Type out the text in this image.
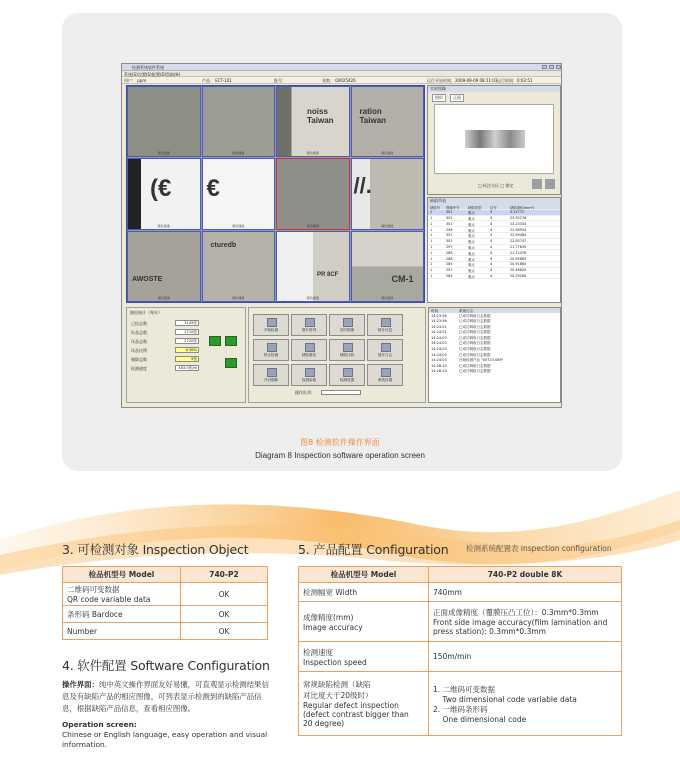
检测系统软件系统
系统(S) 设置(S) 配置(D) 帮助(H)
用户： ppm	产品： ECT-101	批号：	张数： 00025426	运行开始时间：2009-09-09 08:11:03 运行时间：0:03:51
颜色通道	颜色通道
noiss
Taiwan
颜色通道
ration
Taiwan
颜色通道
(€
颜色通道
€
颜色通道	颜色通道
//.
颜色通道
AWOSTE
颜色通道
cturedb
颜色通道
PR 8CF
颜色通道
CM-1
颜色通道
实时图像
图形	正面
□ 标注分区 □ 锁定
缺陷列表
缺陷号 图像序号 缺陷类型 区号	缺陷面积(mm²)
1	301	墨点	4	5.11772
1	302	墨点	4	23.35276
1	301	墨点	4	23.23333
1	296	墨点	4	22.98554
1	301	墨点	4	22.99484
1	302	墨点	4	22.93747
1	297	墨点	4	21.77839
1	288	墨点	4	21.12076
1	288	墨点	4	20.95863
1	284	墨点	4	20.91864
1	297	墨点	4	20.46820
1	284	墨点	4	20.29284
抽检统计（每车）
已检总数	3145张
好品总数	2710张
坏品总数	2720张
坏品比例	0.36%
剔除总数	9张
检测速度	483.0张/m
开始检测	图片排列	实时图像	统计信息
停止检测	缺陷重检	缺陷比较	展开日志
开启剔除	检测参数	检测设置	系统设置
操作队列：
时间	系统日志
14:23:56	已成功调取日志数据
14:23:56	已成功调取日志数据
14:24:01	已成功调取日志数据
14:24:01	已成功调取日志数据
14:24:03	已成功调取日志数据
14:24:03	已成功调取日志数据
14:24:03	已成功调取日志数据
14:24:03	已成功调取日志数据
14:24:03	开始检测产品 "00723-089"
14:28:10	已成功调取日志数据
14:28:10	已成功调取日志数据
图8 检测软件操作界面
Diagram 8 Inspection software operation screen
3. 可检测对象 Inspection Object
检品机型号 Model	740-P2
二维码可变数据
QR code variable data	OK
条形码 Bardoce	OK
Number	OK
4. 软件配置 Software Configuration
操作界面：纯中英文操作界面友好易懂，可直观显示检测结果信息及有缺陷产品的相应图像，可列表显示检测到的缺陷产品信息，根据缺陷产品信息，查看相应图像。
Operation screen:
Chinese or English language, easy operation and visual information.
5. 产品配置 Configuration 检测系统配置表 inspection configuration
检品机型号 Model	740-P2 double 8K
检测幅宽 Width	740mm
成像精度(mm)
Image accuracy	正面成像精度（覆膜压凸工位）：0.3mm*0.3mm
Front side image accuracy(film lamination and
press station): 0.3mm*0.3mm
检测速度
Inspection speed	150m/min
常规缺陷检测（缺陷
对比度大于20级时）
Regular defect inspection
(defect contrast bigger than
20 degree)	1. 二维码可变数据
Two dimensional code variable data
2. 一维码条形码
One dimensional code
